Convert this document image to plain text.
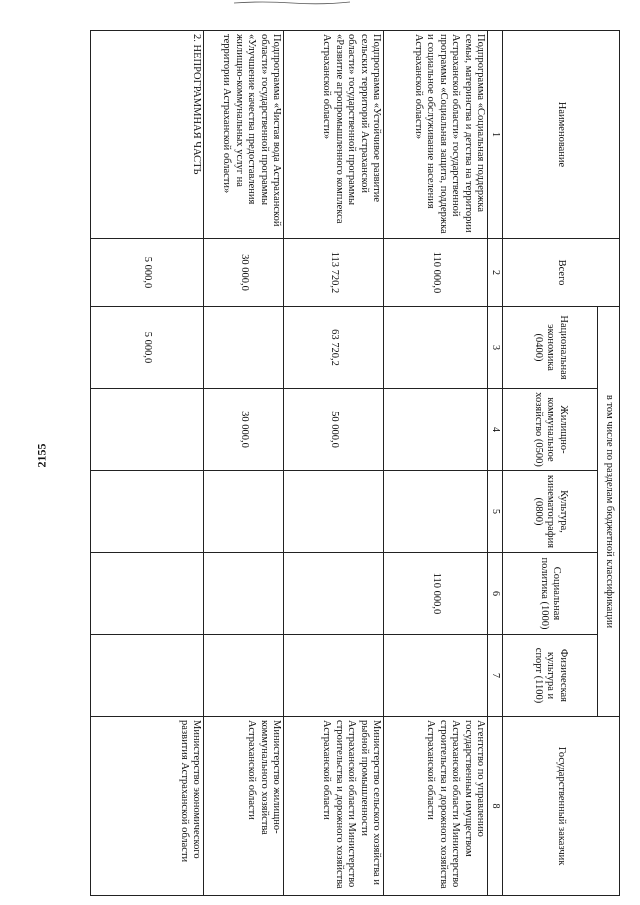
2155
Наименование	Всего	в том числе по разделам бюджетной классификации					Государственный заказчик
		Национальная экономика (0400)	Жилищно-коммунальное хозяйство (0500)	Культура, кинематография (0800)	Социальная политика (1000)	Физическая культура и спорт (1100)	
1	2	3	4	5	6	7	8
Подпрограмма «Социальная поддержка семьи, материнства и детства на территории Астраханской области» государственной программы «Социальная защита, поддержка и социальное обслуживание населения Астраханской области»	110 000,0				110 000,0		Агентство по управлению государственным имуществом Астраханской области Министерство строительства и дорожного хозяйства Астраханской области
Подпрограмма «Устойчивое развитие сельских территорий Астраханской области» государственной программы «Развитие агропромышленного комплекса Астраханской области»	113 720,2	63 720,2	50 000,0				Министерство сельского хозяйства и рыбной промышленности Астраханской области Министерство строительства и дорожного хозяйства Астраханской области
Подпрограмма «Чистая вода Астраханской области» государственной программы «Улучшение качества предоставления жилищно-коммунальных услуг на территории Астраханской области»	30 000,0		30 000,0				Министерство жилищно-коммунального хозяйства Астраханской области
2. НЕПРОГРАММНАЯ ЧАСТЬ	5 000,0	5 000,0					Министерство экономического развития Астраханской области
